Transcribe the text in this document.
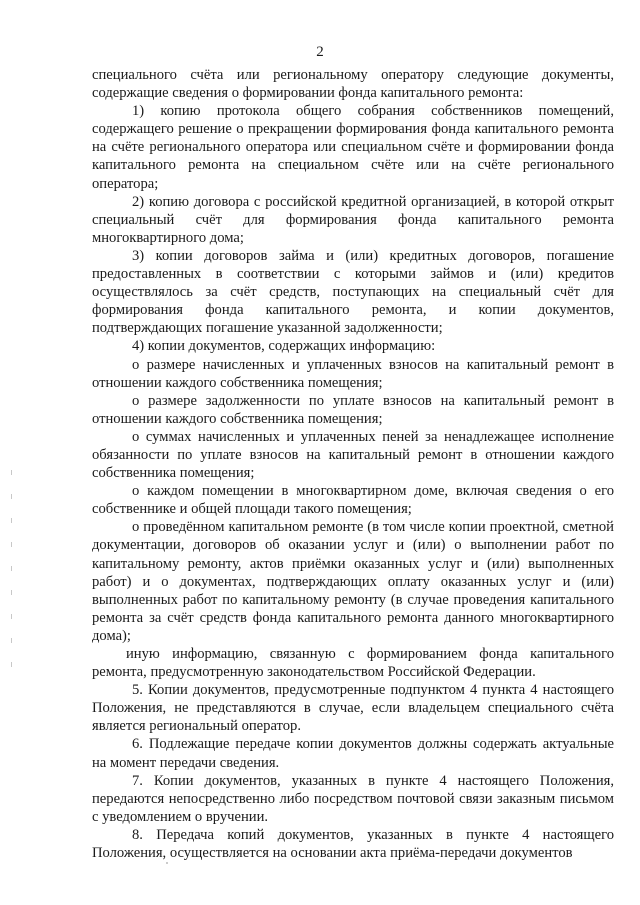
2

специального счёта или региональному оператору следующие документы, содержащие сведения о формировании фонда капитального ремонта:

1) копию протокола общего собрания собственников помещений, содержащего решение о прекращении формирования фонда капитального ремонта на счёте регионального оператора или специальном счёте и формировании фонда капитального ремонта на специальном счёте или на счёте регионального оператора;

2) копию договора с российской кредитной организацией, в которой открыт специальный счёт для формирования фонда капитального ремонта многоквартирного дома;

3) копии договоров займа и (или) кредитных договоров, погашение предоставленных в соответствии с которыми займов и (или) кредитов осуществлялось за счёт средств, поступающих на специальный счёт для формирования фонда капитального ремонта, и копии документов, подтверждающих погашение указанной задолженности;

4) копии документов, содержащих информацию:

о размере начисленных и уплаченных взносов на капитальный ремонт в отношении каждого собственника помещения;

о размере задолженности по уплате взносов на капитальный ремонт в отношении каждого собственника помещения;

о суммах начисленных и уплаченных пеней за ненадлежащее исполнение обязанности по уплате взносов на капитальный ремонт в отношении каждого собственника помещения;

о каждом помещении в многоквартирном доме, включая сведения о его собственнике и общей площади такого помещения;

о проведённом капитальном ремонте (в том числе копии проектной, сметной документации, договоров об оказании услуг и (или) о выполнении работ по капитальному ремонту, актов приёмки оказанных услуг и (или) выполненных работ) и о документах, подтверждающих оплату оказанных услуг и (или) выполненных работ по капитальному ремонту (в случае проведения капитального ремонта за счёт средств фонда капитального ремонта данного многоквартирного дома);

иную информацию, связанную с формированием фонда капитального ремонта, предусмотренную законодательством Российской Федерации.

5. Копии документов, предусмотренные подпунктом 4 пункта 4 настоящего Положения, не представляются в случае, если владельцем специального счёта является региональный оператор.

6. Подлежащие передаче копии документов должны содержать актуальные на момент передачи сведения.

7. Копии документов, указанных в пункте 4 настоящего Положения, передаются непосредственно либо посредством почтовой связи заказным письмом с уведомлением о вручении.

8. Передача копий документов, указанных в пункте 4 настоящего Положения, осуществляется на основании акта приёма-передачи документов
